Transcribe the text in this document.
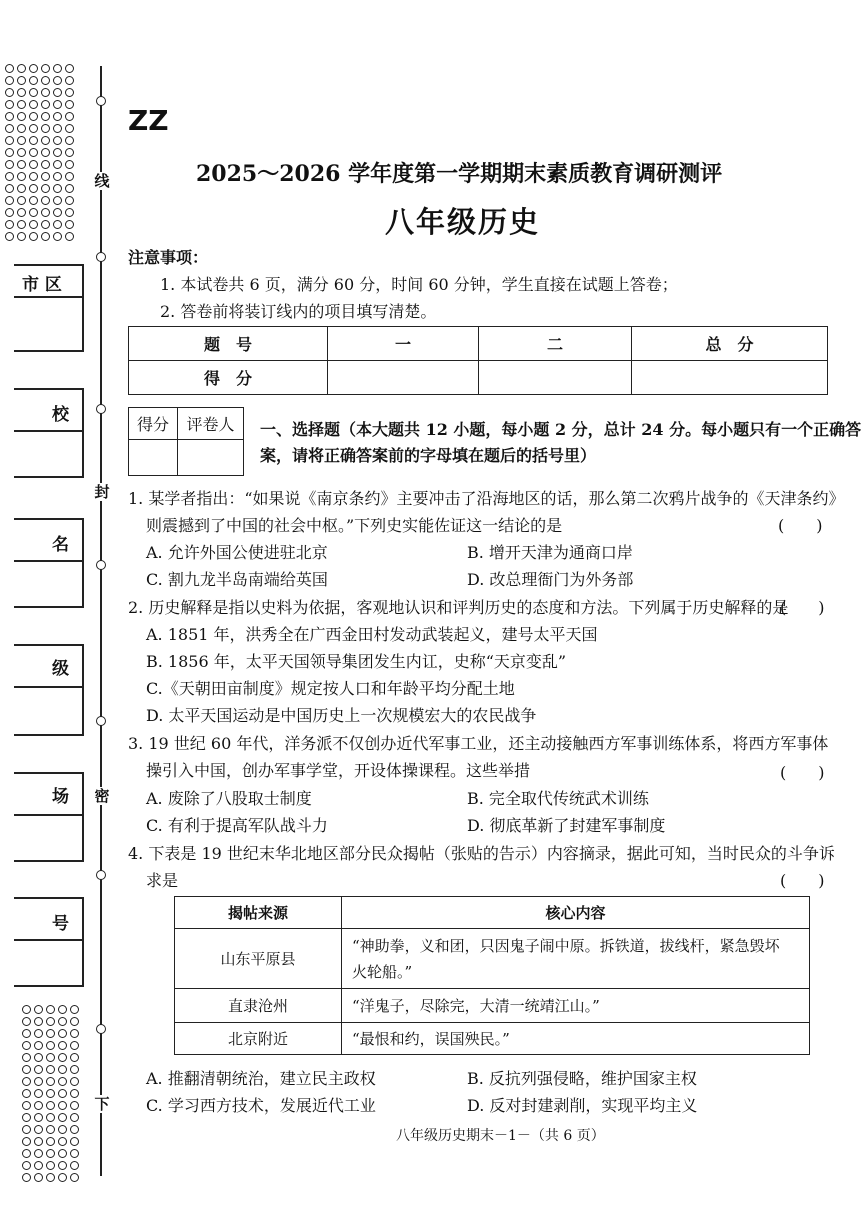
线
封
密
下
市 区
校
名
级
场
号
ZZ
2025～2026 学年度第一学期期末素质教育调研测评
八年级历史
注意事项：
1. 本试卷共 6 页，满分 60 分，时间 60 分钟，学生直接在试题上答卷；
2. 答卷前将装订线内的项目填写清楚。
题　号	一	二	总　分
得　分			
得分	评卷人
	一、选择题（本大题共 12 小题，每小题 2 分，总计 24 分。每小题只有一个正确答
案，请将正确答案前的字母填在题后的括号里）
1. 某学者指出：“如果说《南京条约》主要冲击了沿海地区的话，那么第二次鸦片战争的《天津条约》
则震撼到了中国的社会中枢。”下列史实能佐证这一结论的是	(　　)
A. 允许外国公使进驻北京	B. 增开天津为通商口岸
C. 割九龙半岛南端给英国	D. 改总理衙门为外务部
2. 历史解释是指以史料为依据，客观地认识和评判历史的态度和方法。下列属于历史解释的是
(　　)
A. 1851 年，洪秀全在广西金田村发动武装起义，建号太平天国
B. 1856 年，太平天国领导集团发生内讧，史称“天京变乱”
C.《天朝田亩制度》规定按人口和年龄平均分配土地
D. 太平天国运动是中国历史上一次规模宏大的农民战争
3. 19 世纪 60 年代，洋务派不仅创办近代军事工业，还主动接触西方军事训练体系，将西方军事体
操引入中国，创办军事学堂，开设体操课程。这些举措	(　　)
A. 废除了八股取士制度	B. 完全取代传统武术训练
C. 有利于提高军队战斗力	D. 彻底革新了封建军事制度
4. 下表是 19 世纪末华北地区部分民众揭帖（张贴的告示）内容摘录，据此可知，当时民众的斗争诉
求是	(　　)
揭帖来源	核心内容
山东平原县	“神助拳，义和团，只因鬼子闹中原。拆铁道，拔线杆，紧急毁坏
火轮船。”

直隶沧州	“洋鬼子，尽除完，大清一统靖江山。”

北京附近	“最恨和约，误国殃民。”
A. 推翻清朝统治，建立民主政权	B. 反抗列强侵略，维护国家主权
C. 学习西方技术，发展近代工业	D. 反对封建剥削，实现平均主义
八年级历史期末－1－（共 6 页）
